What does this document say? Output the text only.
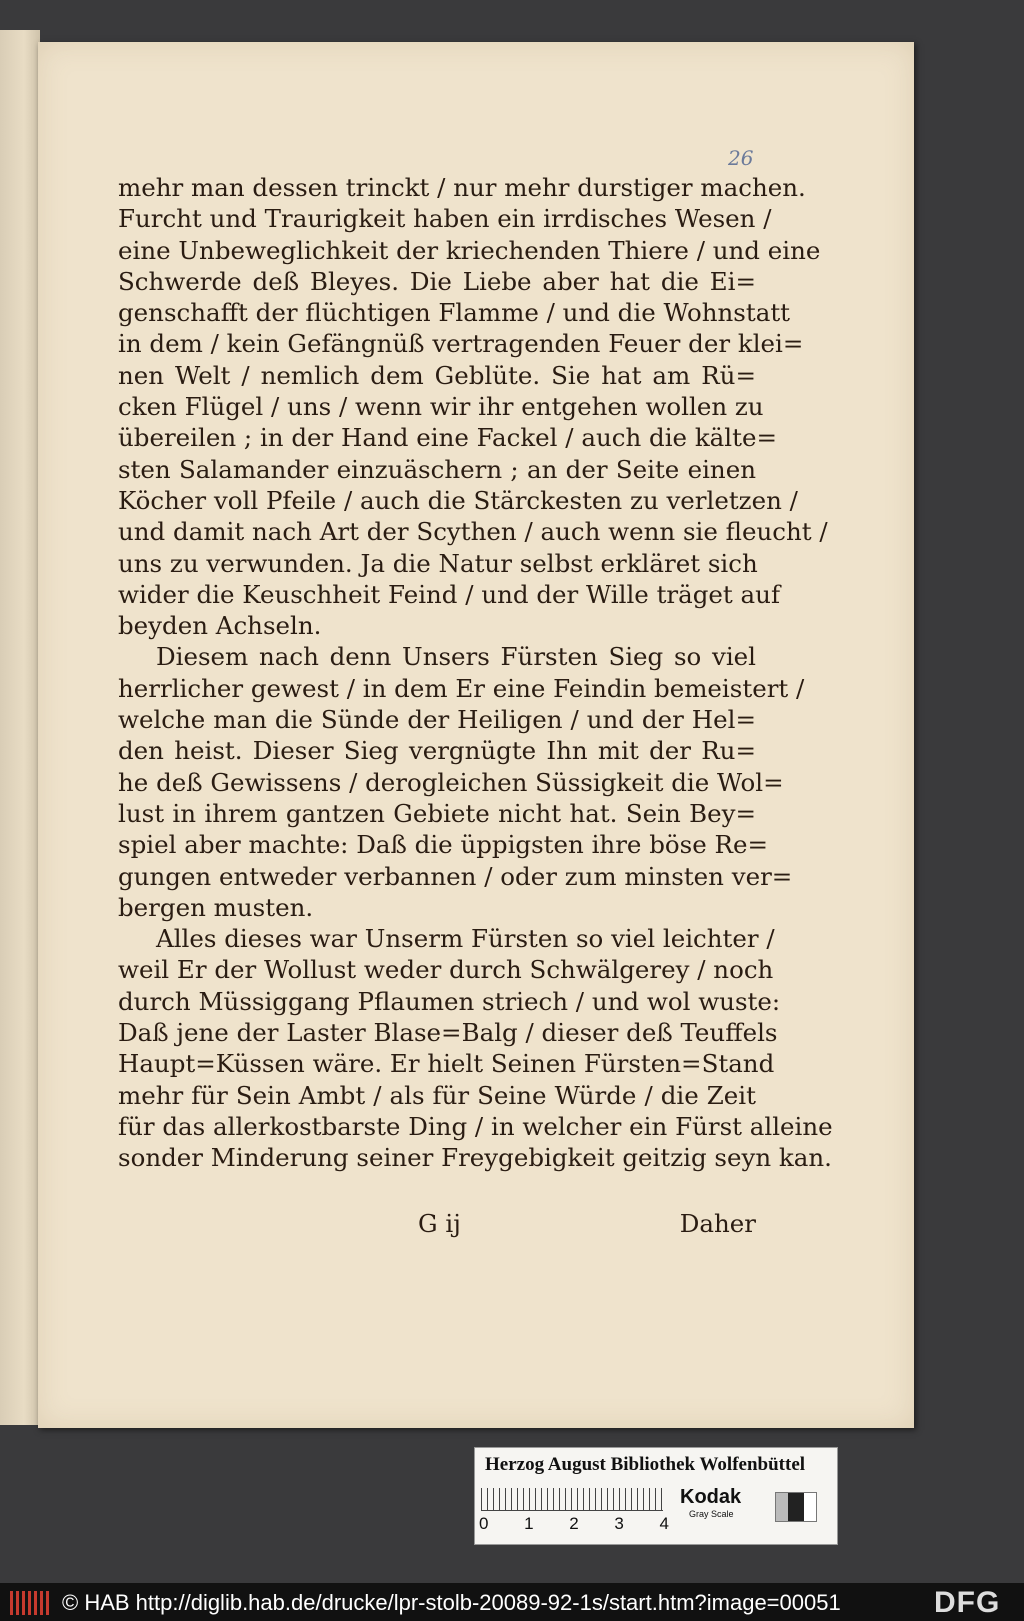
26
mehr man dessen trinckt / nur mehr durstiger machen.
Furcht und Traurigkeit haben ein irrdisches Wesen /
eine Unbeweglichkeit der kriechenden Thiere / und eine
Schwerde deß Bleyes. Die Liebe aber hat die Ei=
genschafft der flüchtigen Flamme / und die Wohnstatt
in dem / kein Gefängnüß vertragenden Feuer der klei=
nen Welt / nemlich dem Geblüte. Sie hat am Rü=
cken Flügel / uns / wenn wir ihr entgehen wollen zu
übereilen ; in der Hand eine Fackel / auch die kälte=
sten Salamander einzuäschern ; an der Seite einen
Köcher voll Pfeile / auch die Stärckesten zu verletzen /
und damit nach Art der Scythen / auch wenn sie fleucht /
uns zu verwunden. Ja die Natur selbst erkläret sich
wider die Keuschheit Feind / und der Wille träget auf
beyden Achseln.
Diesem nach denn Unsers Fürsten Sieg so viel
herrlicher gewest / in dem Er eine Feindin bemeistert /
welche man die Sünde der Heiligen / und der Hel=
den heist. Dieser Sieg vergnügte Ihn mit der Ru=
he deß Gewissens / derogleichen Süssigkeit die Wol=
lust in ihrem gantzen Gebiete nicht hat. Sein Bey=
spiel aber machte: Daß die üppigsten ihre böse Re=
gungen entweder verbannen / oder zum minsten ver=
bergen musten.
Alles dieses war Unserm Fürsten so viel leichter /
weil Er der Wollust weder durch Schwälgerey / noch
durch Müssiggang Pflaumen striech / und wol wuste:
Daß jene der Laster Blase=Balg / dieser deß Teuffels
Haupt=Küssen wäre. Er hielt Seinen Fürsten=Stand
mehr für Sein Ambt / als für Seine Würde / die Zeit
für das allerkostbarste Ding / in welcher ein Fürst alleine
sonder Minderung seiner Freygebigkeit geitzig seyn kan.
G ij	Daher
Herzog August Bibliothek Wolfenbüttel
0 1 2 3 4
Kodak
Gray Scale
© HAB http://diglib.hab.de/drucke/lpr-stolb-20089-92-1s/start.htm?image=00051	DFG
